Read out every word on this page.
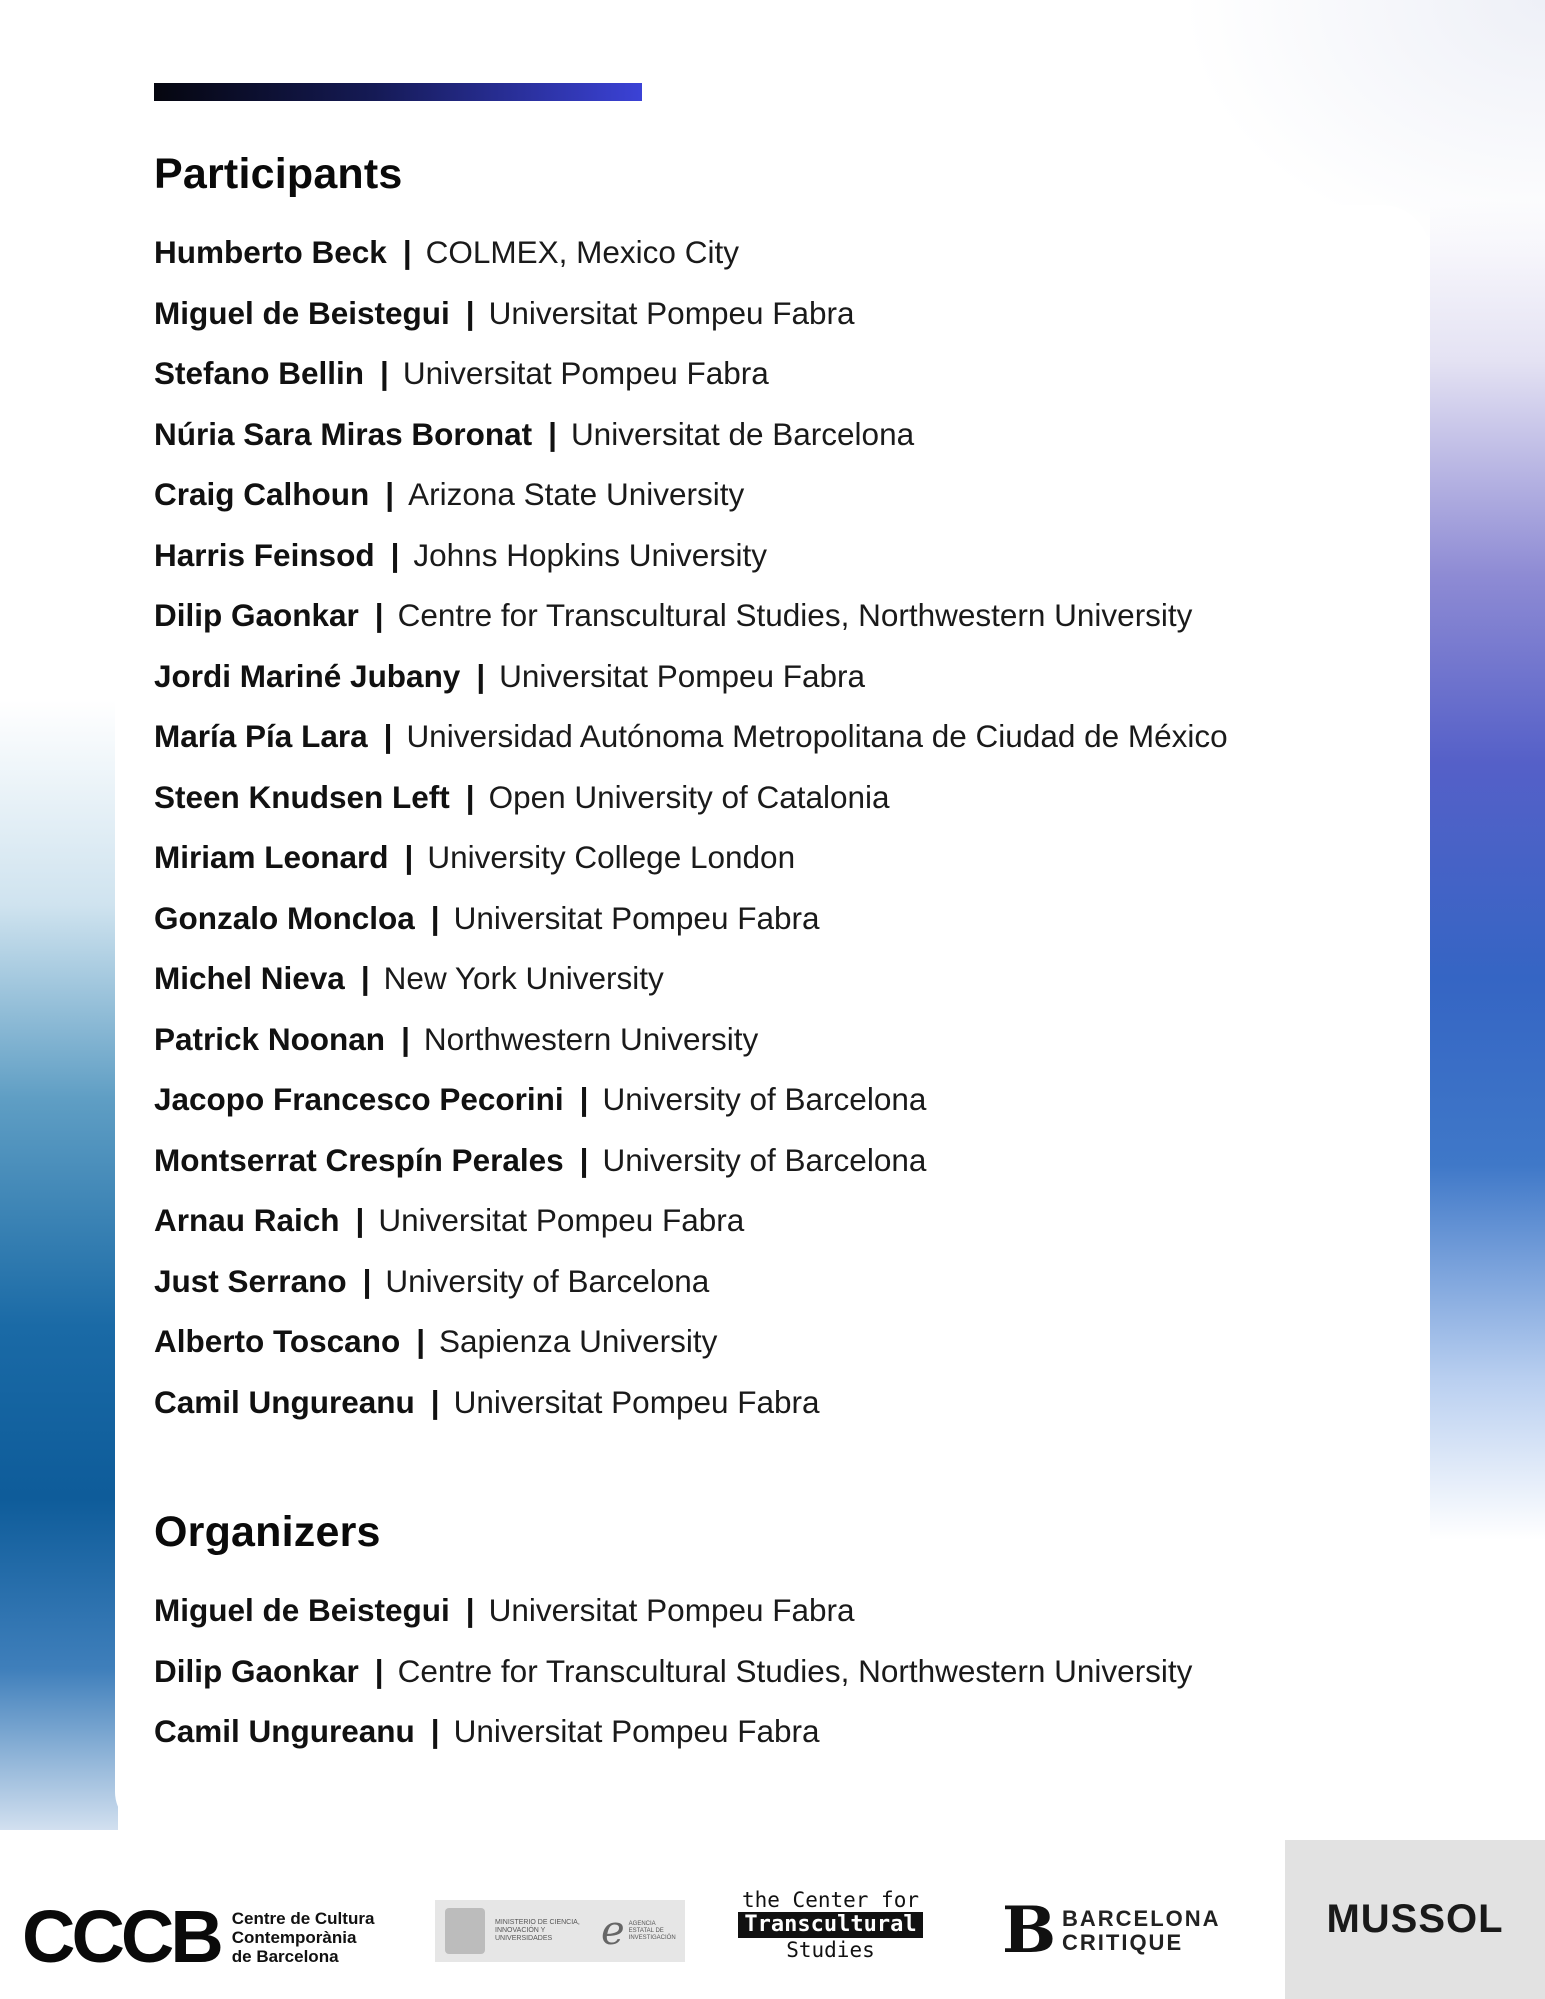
Participants
Humberto Beck | COLMEX, Mexico City
Miguel de Beistegui | Universitat Pompeu Fabra
Stefano Bellin | Universitat Pompeu Fabra
Núria Sara Miras Boronat | Universitat de Barcelona
Craig Calhoun | Arizona State University
Harris Feinsod | Johns Hopkins University
Dilip Gaonkar | Centre for Transcultural Studies, Northwestern University
Jordi Mariné Jubany | Universitat Pompeu Fabra
María Pía Lara | Universidad Autónoma Metropolitana de Ciudad de México
Steen Knudsen Left | Open University of Catalonia
Miriam Leonard | University College London
Gonzalo Moncloa | Universitat Pompeu Fabra
Michel Nieva | New York University
Patrick Noonan | Northwestern University
Jacopo Francesco Pecorini | University of Barcelona
Montserrat Crespín Perales | University of Barcelona
Arnau Raich | Universitat Pompeu Fabra
Just Serrano | University of Barcelona
Alberto Toscano | Sapienza University
Camil Ungureanu | Universitat Pompeu Fabra
Organizers
Miguel de Beistegui | Universitat Pompeu Fabra
Dilip Gaonkar | Centre for Transcultural Studies, Northwestern University
Camil Ungureanu | Universitat Pompeu Fabra
CCCB Centre de Cultura
Contemporània
de Barcelona
MINISTERIO DE CIENCIA, INNOVACIÓN Y UNIVERSIDADES	e AGENCIA ESTATAL DE INVESTIGACIÓN
the Center for
Transcultural
Studies	B BARCELONA
CRITIQUE
MUSSOL
